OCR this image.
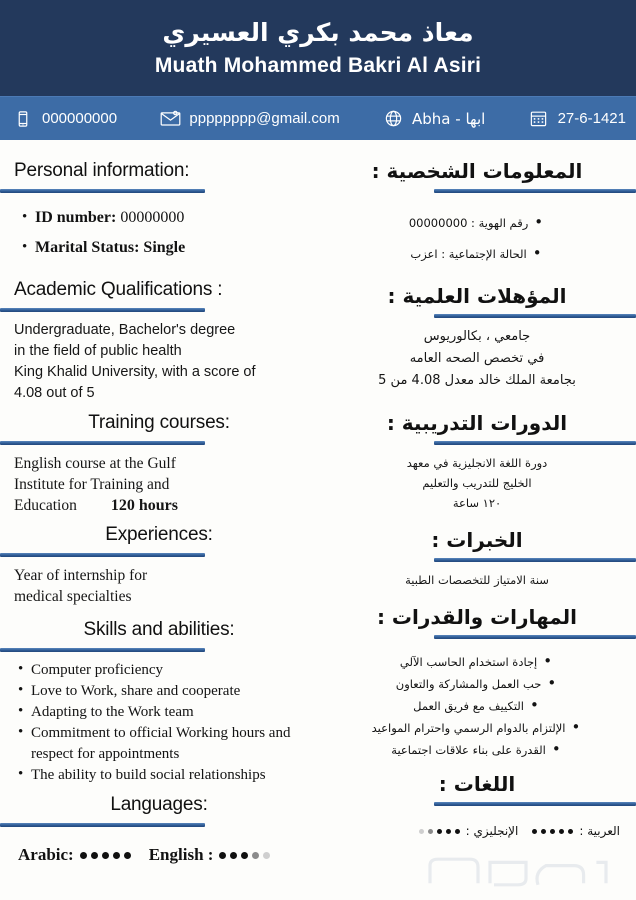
معاذ محمد بكري العسيري
Muath Mohammed Bakri Al Asiri
000000000	pppppppp@gmail.com	Abha - ابها	27-6-1421
Personal information:
• ID number: 00000000
• Marital Status: Single
Academic Qualifications :
Undergraduate, Bachelor's degree
in the field of public health
King Khalid University, with a score of
4.08 out of 5
Training courses:
English course at the Gulf
Institute for Training and
Education 120 hours
Experiences:
Year of internship for
medical specialties
Skills and abilities:
• Computer proficiency
• Love to Work, share and cooperate
• Adapting to the Work team
• Commitment to official Working hours and respect for appointments
• The ability to build social relationships
Languages:
Arabic:	English :
المعلومات الشخصية :
• رقم الهوية : 00000000
• الحالة الإجتماعية : اعزب
المؤهلات العلمية :
جامعي ، بكالوريوس
في تخصص الصحه العامه
بجامعة الملك خالد معدل 4.08 من 5
الدورات التدريبية :
دورة اللغة الانجليزية في معهد
الخليج للتدريب والتعليم
١٢٠ ساعة
الخبرات :
سنة الامتياز للتخصصات الطبية
المهارات والقدرات :
• إجادة استخدام الحاسب الآلي
• حب العمل والمشاركة والتعاون
• التكييف مع فريق العمل
• الإلتزام بالدوام الرسمي واحترام المواعيد
• القدرة على بناء علاقات اجتماعية
اللغات :
العربية :
الإنجليزي :
